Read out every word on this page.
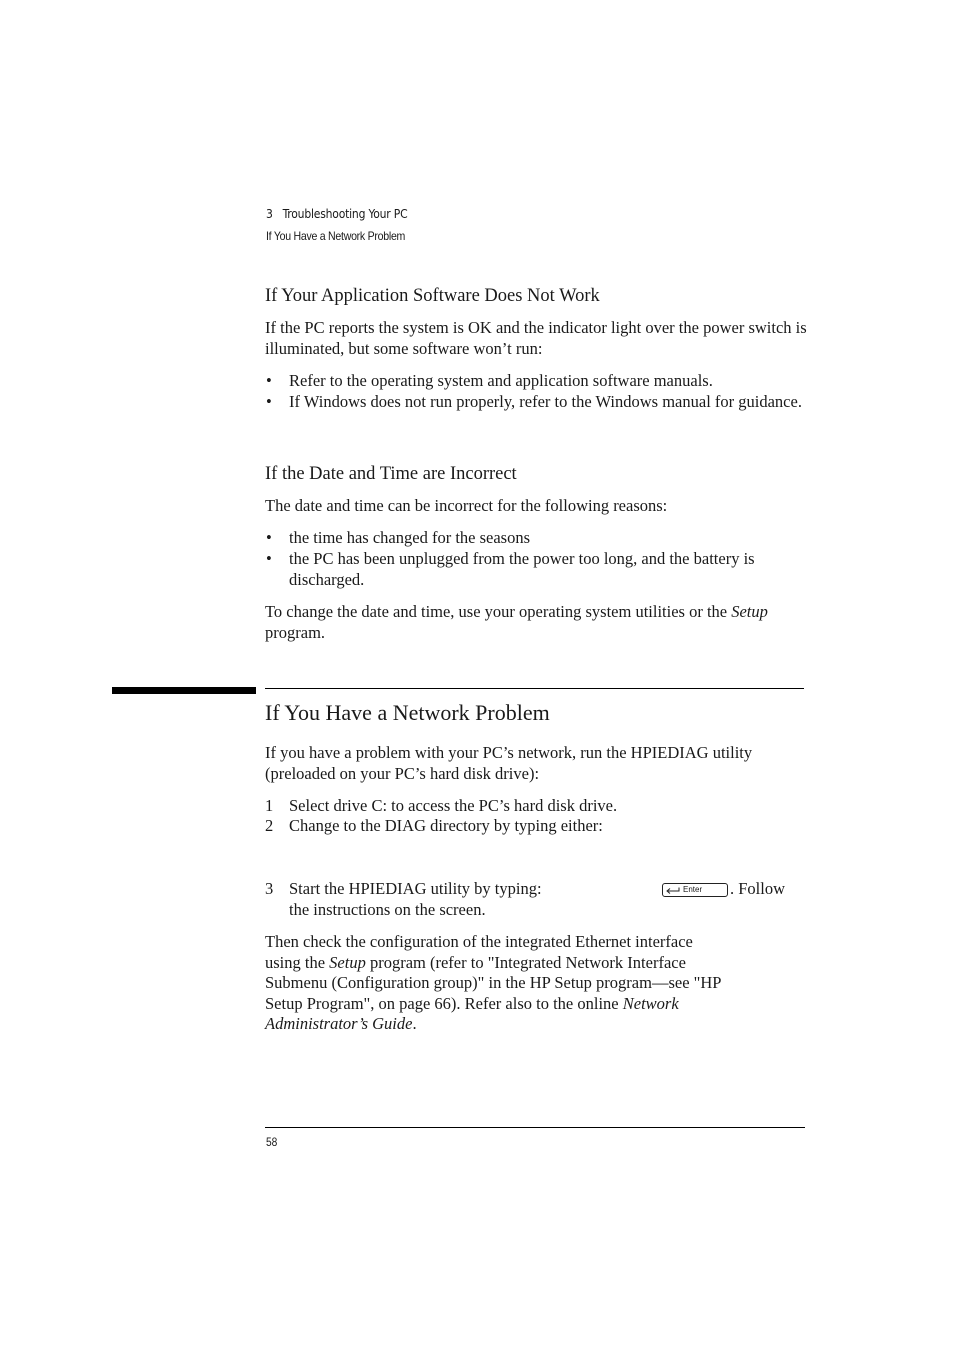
3 Troubleshooting Your PC
If You Have a Network Problem
If Your Application Software Does Not Work
If the PC reports the system is OK and the indicator light over the power switch is illuminated, but some software won’t run:
• Refer to the operating system and application software manuals.
• If Windows does not run properly, refer to the Windows manual for guidance.
If the Date and Time are Incorrect
The date and time can be incorrect for the following reasons:
• the time has changed for the seasons
• the PC has been unplugged from the power too long, and the battery is discharged.
To change the date and time, use your operating system utilities or the Setup program.
If You Have a Network Problem
If you have a problem with your PC’s network, run the HPIEDIAG utility (preloaded on your PC’s hard disk drive):
1 Select drive C: to access the PC’s hard disk drive.
2 Change to the DIAG directory by typing either:
3 Start the HPIEDIAG utility by typing:	Enter . Follow
the instructions on the screen.
Then check the configuration of the integrated Ethernet interface
using the Setup program (refer to "Integrated Network Interface
Submenu (Configuration group)" in the HP Setup program—see "HP
Setup Program", on page 66). Refer also to the online Network
Administrator’s Guide.
58
